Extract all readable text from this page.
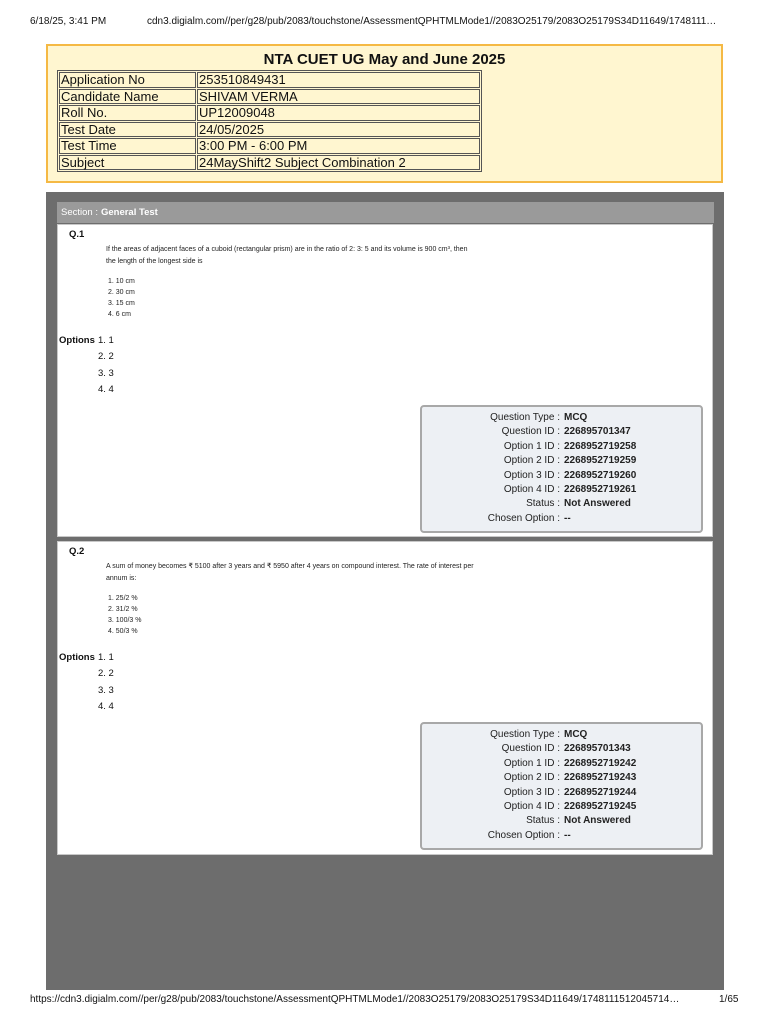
6/18/25, 3:41 PM	cdn3.digialm.com//per/g28/pub/2083/touchstone/AssessmentQPHTMLMode1//2083O25179/2083O25179S34D11649/1748111…
NTA CUET UG May and June 2025
Application No	253510849431
Candidate Name	SHIVAM VERMA
Roll No.	UP12009048
Test Date	24/05/2025
Test Time	3:00 PM - 6:00 PM
Subject	24MayShift2 Subject Combination 2
Section : General Test
Q.1
If the areas of adjacent faces of a cuboid (rectangular prism) are in the ratio of 2: 3: 5 and its volume is 900 cm³, then
the length of the longest side is
1. 10 cm
2. 30 cm
3. 15 cm
4. 6 cm
Options 1. 1
2. 2
3. 3
4. 4
Question Type : MCQ
Question ID : 226895701347
Option 1 ID : 2268952719258
Option 2 ID : 2268952719259
Option 3 ID : 2268952719260
Option 4 ID : 2268952719261
Status : Not Answered
Chosen Option : --
Q.2
A sum of money becomes ₹ 5100 after 3 years and ₹ 5950 after 4 years on compound interest. The rate of interest per
annum is:
1. 25/2 %
2. 31/2 %
3. 100/3 %
4. 50/3 %
Options 1. 1
2. 2
3. 3
4. 4
Question Type : MCQ
Question ID : 226895701343
Option 1 ID : 2268952719242
Option 2 ID : 2268952719243
Option 3 ID : 2268952719244
Option 4 ID : 2268952719245
Status : Not Answered
Chosen Option : --
https://cdn3.digialm.com//per/g28/pub/2083/touchstone/AssessmentQPHTMLMode1//2083O25179/2083O25179S34D11649/1748111512045714…	1/65
